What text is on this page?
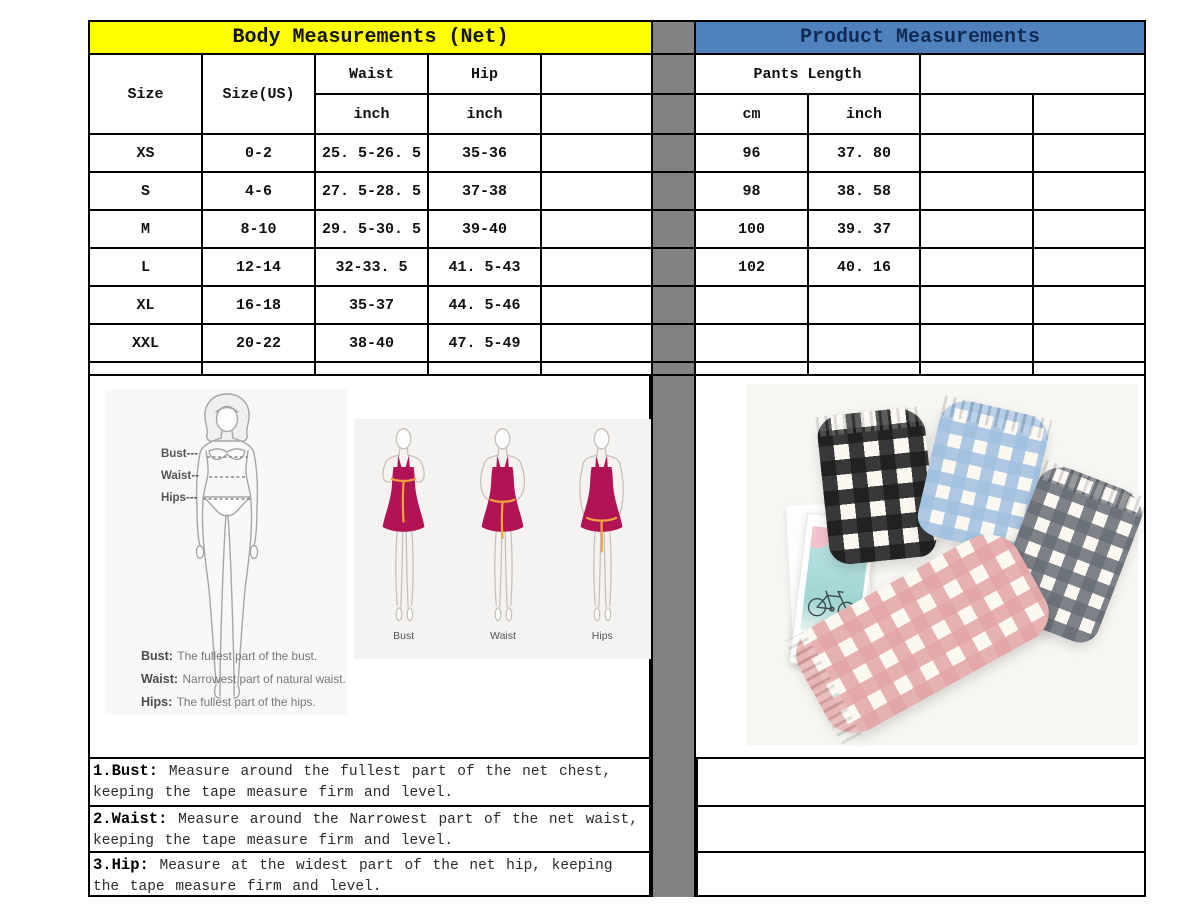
Body Measurements (Net)	Product Measurements
Size	Size(US)
Waist	Hip	Pants Length
inch	inch	cm	inch
XS	0-2	25. 5-26. 5	35-36	96	37. 80
S	4-6	27. 5-28. 5	37-38	98	38. 58
M	8-10	29. 5-30. 5	39-40	100	39. 37
L	12-14	32-33. 5	41. 5-43	102	40. 16
XL	16-18	35-37	44. 5-46
XXL	20-22	38-40	47. 5-49
Bust---
Waist--
Hips---
Bust: The fullest part of the bust.
Waist: Narrowest part of natural waist.
Hips: The fullest part of the hips.
Bust	Waist	Hips

1.Bust: Measure around the fullest part of the net chest, keeping the tape measure firm and level.

2.Waist: Measure around the Narrowest part of the net waist, keeping the tape measure firm and level.

3.Hip: Measure at the widest part of the net hip, keeping the tape measure firm and level.
